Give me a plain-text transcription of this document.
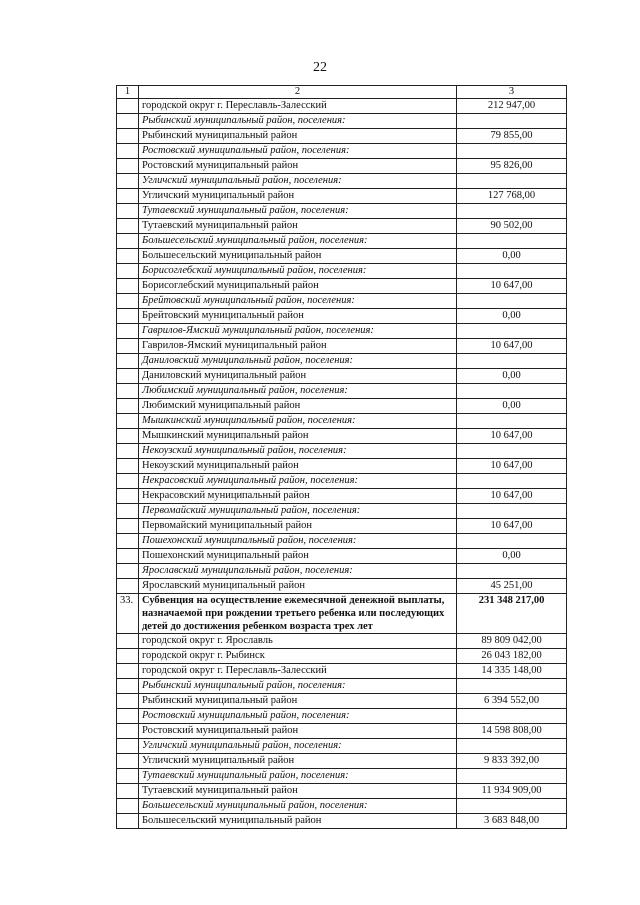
22
1	2	3
	городской округ г. Переславль-Залесский	212 947,00
	Рыбинский муниципальный район, поселения:	
	Рыбинский муниципальный район	79 855,00
	Ростовский муниципальный район, поселения:	
	Ростовский муниципальный район	95 826,00
	Угличский муниципальный район, поселения:	
	Угличский муниципальный район	127 768,00
	Тутаевский муниципальный район, поселения:	
	Тутаевский муниципальный район	90 502,00
	Большесельский муниципальный район, поселения:	
	Большесельский муниципальный район	0,00
	Борисоглебский муниципальный район, поселения:	
	Борисоглебский муниципальный район	10 647,00
	Брейтовский муниципальный район, поселения:	
	Брейтовский муниципальный район	0,00
	Гаврилов-Ямский муниципальный район, поселения:	
	Гаврилов-Ямский муниципальный район	10 647,00
	Даниловский муниципальный район, поселения:	
	Даниловский муниципальный район	0,00
	Любимский муниципальный район, поселения:	
	Любимский муниципальный район	0,00
	Мышкинский муниципальный район, поселения:	
	Мышкинский муниципальный район	10 647,00
	Некоузский муниципальный район, поселения:	
	Некоузский муниципальный район	10 647,00
	Некрасовский муниципальный район, поселения:	
	Некрасовский муниципальный район	10 647,00
	Первомайский муниципальный район, поселения:	
	Первомайский муниципальный район	10 647,00
	Пошехонский муниципальный район, поселения:	
	Пошехонский муниципальный район	0,00
	Ярославский муниципальный район, поселения:	
	Ярославский муниципальный район	45 251,00
33.	Субвенция на осуществление ежемесячной денежной выплаты, назначаемой при рождении третьего ребенка или последующих детей до достижения ребенком возраста трех лет	231 348 217,00
	городской округ г. Ярославль	89 809 042,00
	городской округ г. Рыбинск	26 043 182,00
	городской округ г. Переславль-Залесский	14 335 148,00
	Рыбинский муниципальный район, поселения:	
	Рыбинский муниципальный район	6 394 552,00
	Ростовский муниципальный район, поселения:	
	Ростовский муниципальный район	14 598 808,00
	Угличский муниципальный район, поселения:	
	Угличский муниципальный район	9 833 392,00
	Тутаевский муниципальный район, поселения:	
	Тутаевский муниципальный район	11 934 909,00
	Большесельский муниципальный район, поселения:	
	Большесельский муниципальный район	3 683 848,00
